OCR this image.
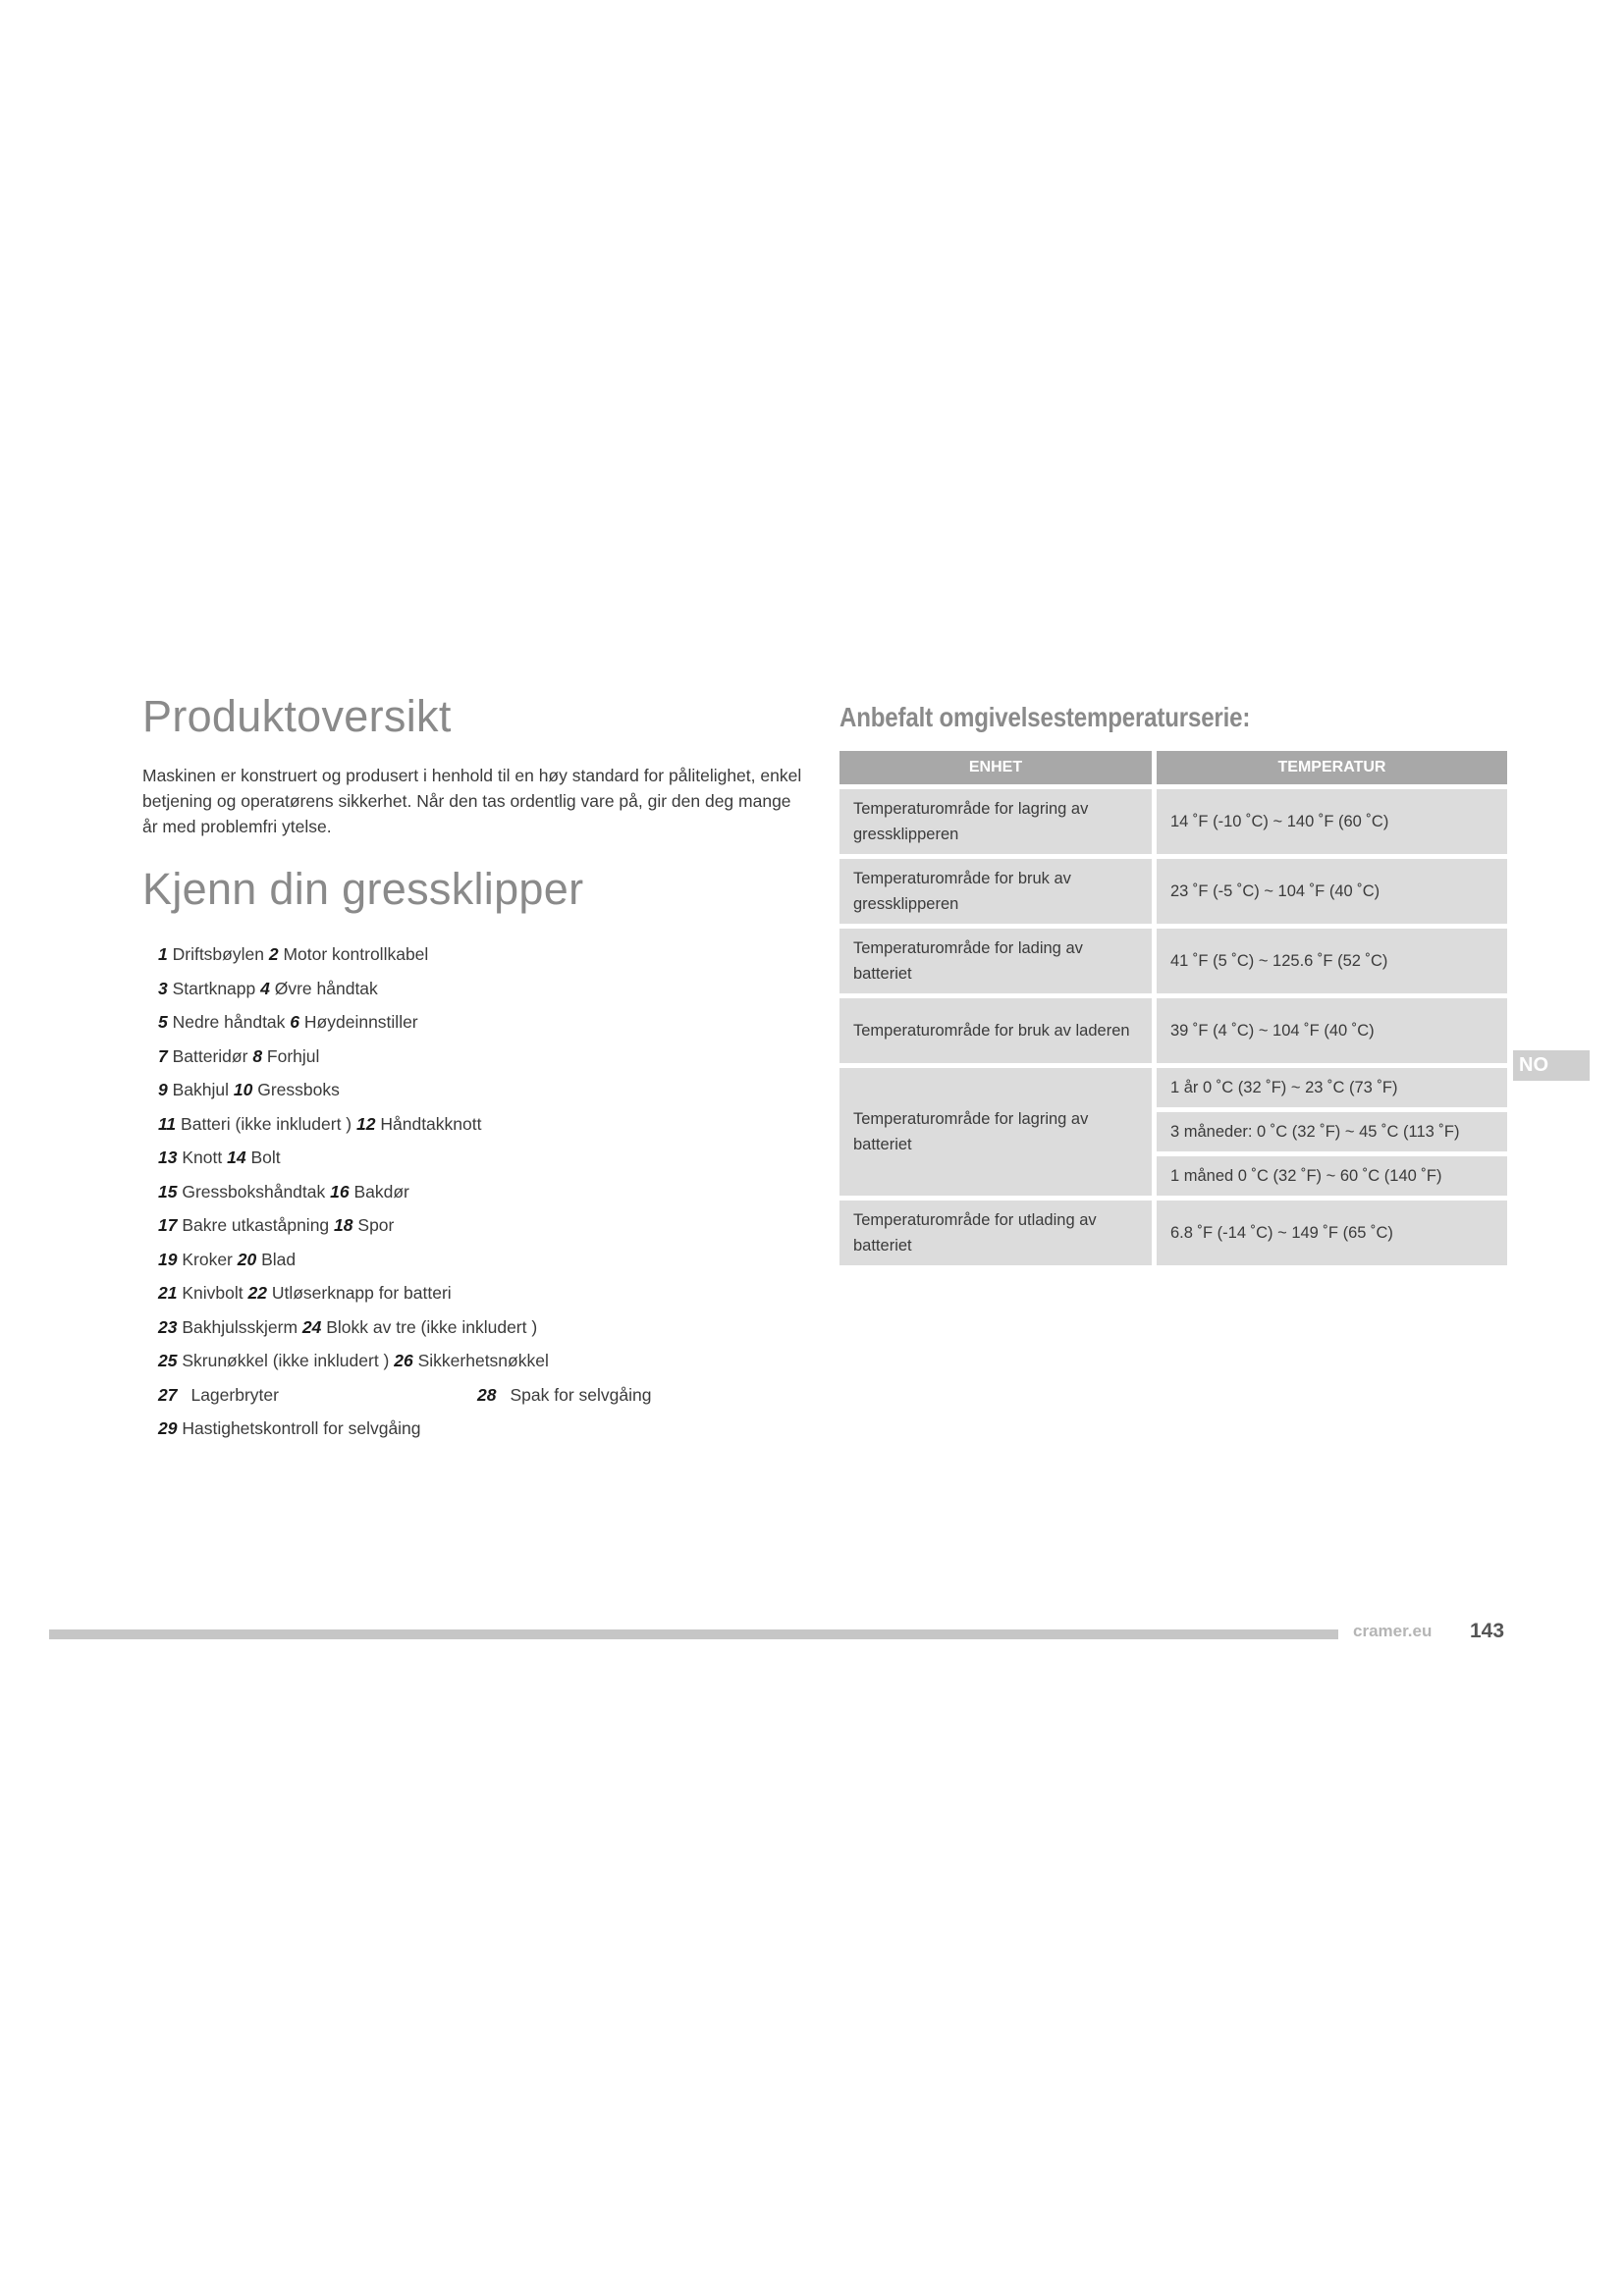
Produktoversikt

Maskinen er konstruert og produsert i henhold til en høy standard for pålitelighet, enkel betjening og operatørens sikkerhet. Når den tas ordentlig vare på, gir den deg mange år med problemfri ytelse.

Kjenn din gressklipper
1 Driftsbøylen 2 Motor kontrollkabel
3 Startknapp 4 Øvre håndtak
5 Nedre håndtak 6 Høydeinnstiller
7 Batteridør 8 Forhjul
9 Bakhjul 10 Gressboks
11 Batteri (ikke inkludert ) 12 Håndtakknott
13 Knott 14 Bolt
15 Gressbokshåndtak 16 Bakdør
17 Bakre utkaståpning 18 Spor
19 Kroker 20 Blad
21 Knivbolt 22 Utløserknapp for batteri
23 Bakhjulsskjerm 24 Blokk av tre (ikke inkludert )
25 Skrunøkkel (ikke inkludert ) 26 Sikkerhetsnøkkel
27 Lagerbryter	28 Spak for selvgåing
29 Hastighetskontroll for selvgåing
Anbefalt omgivelsestemperaturserie:
ENHET	TEMPERATUR
Temperaturområde for lagring av gressklipperen	14 ˚F (-10 ˚C) ~ 140 ˚F (60 ˚C)
Temperaturområde for bruk av gressklipperen	23 ˚F (-5 ˚C) ~ 104 ˚F (40 ˚C)
Temperaturområde for lading av batteriet	41 ˚F (5 ˚C) ~ 125.6 ˚F (52 ˚C)
Temperaturområde for bruk av laderen	39 ˚F (4 ˚C) ~ 104 ˚F (40 ˚C)
Temperaturområde for lagring av batteriet	1 år 0 ˚C (32 ˚F) ~ 23 ˚C (73 ˚F)
	3 måneder: 0 ˚C (32 ˚F) ~ 45 ˚C (113 ˚F)
	1 måned 0 ˚C (32 ˚F) ~ 60 ˚C (140 ˚F)
Temperaturområde for utlading av batteriet	6.8 ˚F (-14 ˚C) ~ 149 ˚F (65 ˚C)
NO
cramer.eu 143
